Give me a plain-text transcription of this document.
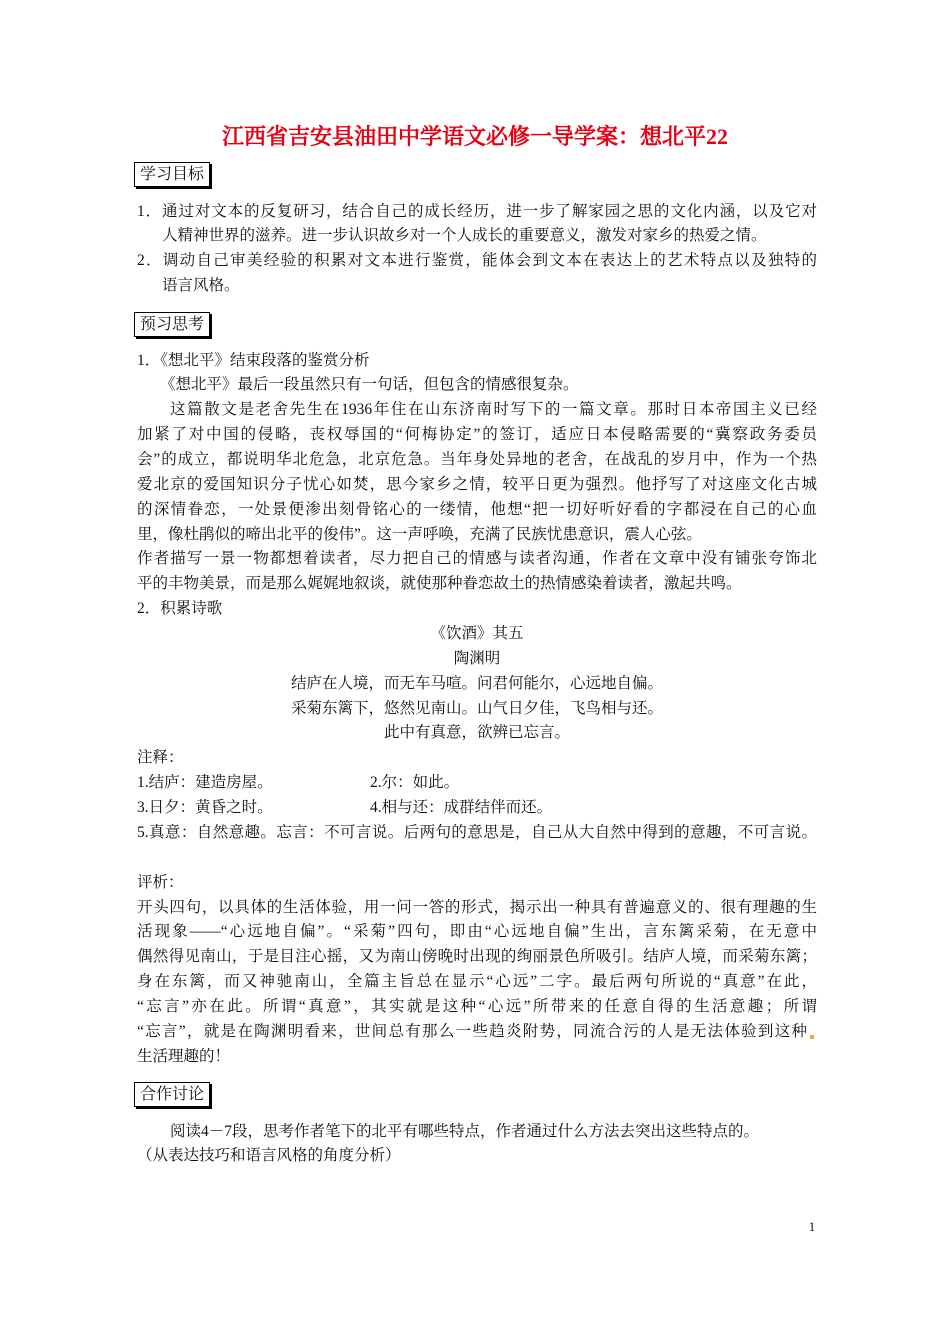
江西省吉安县油田中学语文必修一导学案：想北平22
学习目标
1．通过对文本的反复研习，结合自己的成长经历，进一步了解家园之思的文化内涵，以及它对
人精神世界的滋养。进一步认识故乡对一个人成长的重要意义，激发对家乡的热爱之情。
2．调动自己审美经验的积累对文本进行鉴赏，能体会到文本在表达上的艺术特点以及独特的
语言风格。
预习思考
1．《想北平》结束段落的鉴赏分析
《想北平》最后一段虽然只有一句话，但包含的情感很复杂。
这篇散文是老舍先生在1936年住在山东济南时写下的一篇文章。那时日本帝国主义已经
加紧了对中国的侵略，丧权辱国的“何梅协定”的签订，适应日本侵略需要的“冀察政务委员
会”的成立，都说明华北危急，北京危急。当年身处异地的老舍，在战乱的岁月中，作为一个热
爱北京的爱国知识分子忧心如焚，思今家乡之情，较平日更为强烈。他抒写了对这座文化古城
的深情眷恋，一处景便渗出刻骨铭心的一缕情，他想“把一切好听好看的字都浸在自己的心血
里，像杜鹃似的啼出北平的俊伟”。这一声呼唤，充满了民族忧患意识，震人心弦。
作者描写一景一物都想着读者，尽力把自己的情感与读者沟通，作者在文章中没有铺张夸饰北
平的丰物美景，而是那么娓娓地叙谈，就使那种眷恋故土的热情感染着读者，激起共鸣。
2．积累诗歌
《饮酒》其五
陶渊明
结庐在人境，而无车马喧。问君何能尔，心远地自偏。
采菊东篱下，悠然见南山。山气日夕佳，飞鸟相与还。
此中有真意，欲辨已忘言。
注释：
1.结庐：建造房屋。	2.尔：如此。
3.日夕：黄昏之时。	4.相与还：成群结伴而还。
5.真意：自然意趣。忘言：不可言说。后两句的意思是，自己从大自然中得到的意趣，不可言说。
评析：
开头四句，以具体的生活体验，用一问一答的形式，揭示出一种具有普遍意义的、很有理趣的生
活现象——“心远地自偏”。“采菊”四句，即由“心远地自偏”生出，言东篱采菊，在无意中
偶然得见南山，于是目注心摇，又为南山傍晚时出现的绚丽景色所吸引。结庐人境，而采菊东篱；
身在东篱，而又神驰南山，全篇主旨总在显示“心远”二字。最后两句所说的“真意”在此，
“忘言”亦在此。所谓“真意”，其实就是这种“心远”所带来的任意自得的生活意趣；所谓
“忘言”，就是在陶渊明看来，世间总有那么一些趋炎附势，同流合污的人是无法体验到这种
生活理趣的！
合作讨论
阅读4－7段，思考作者笔下的北平有哪些特点，作者通过什么方法去突出这些特点的。
（从表达技巧和语言风格的角度分析）
1
